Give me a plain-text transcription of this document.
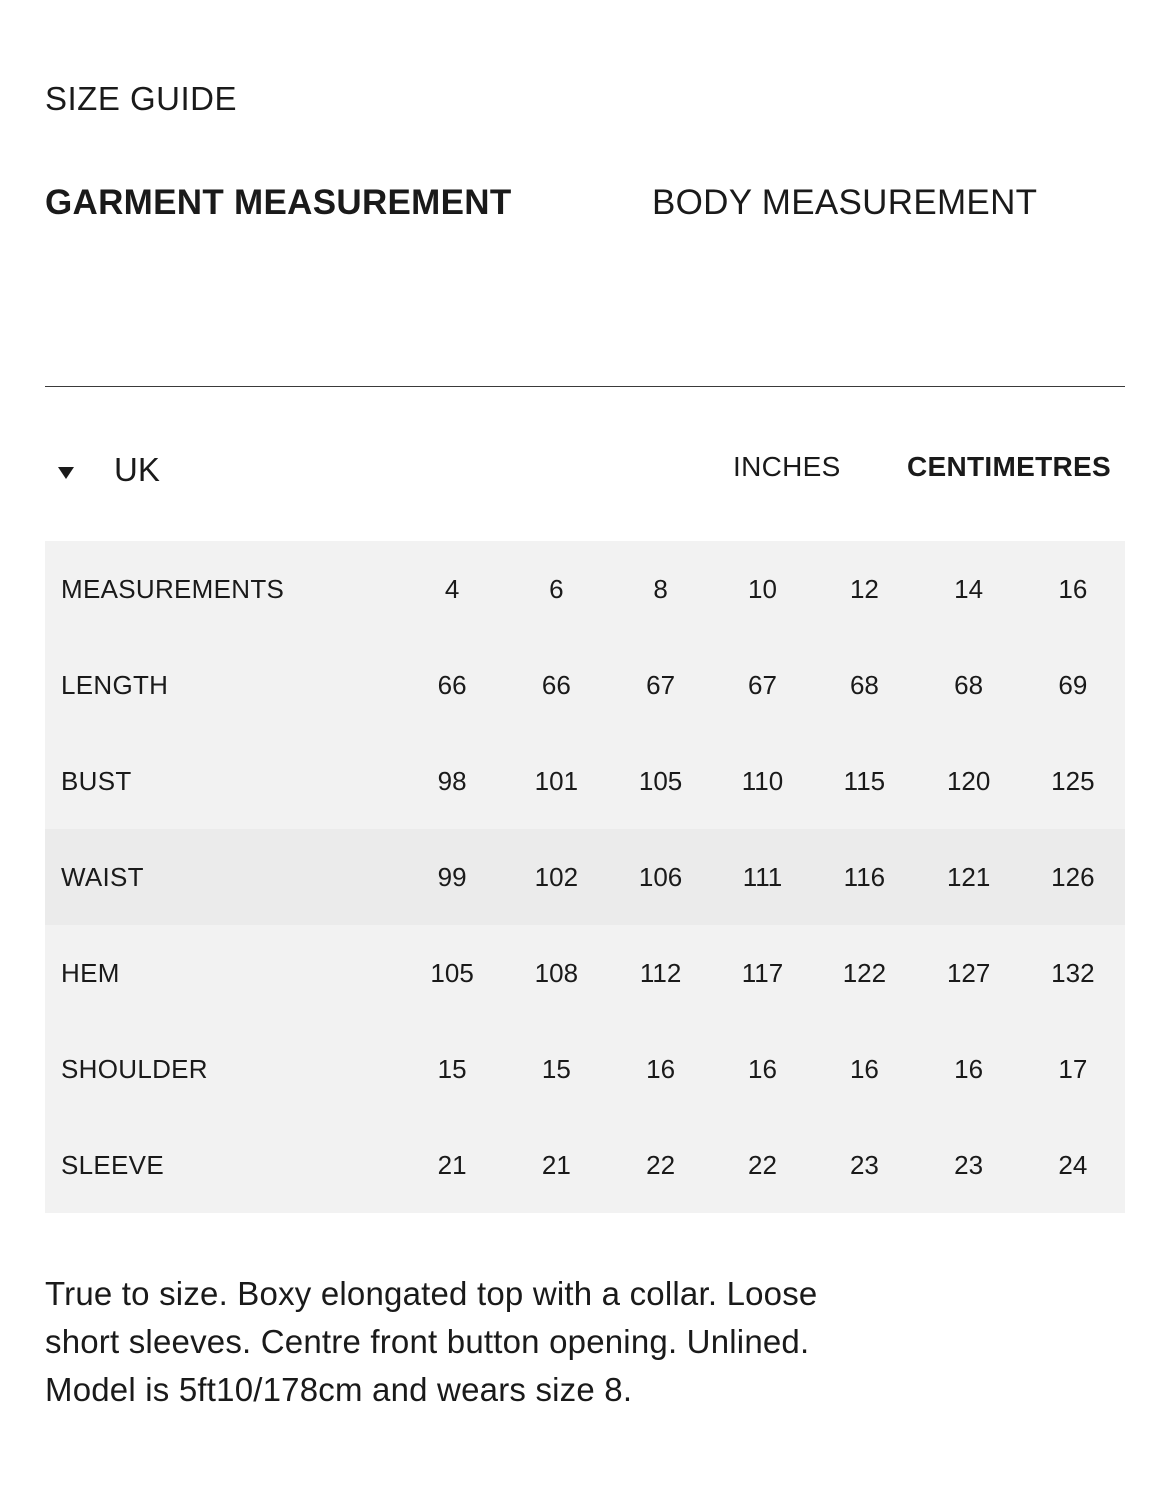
SIZE GUIDE
GARMENT MEASUREMENT	BODY MEASUREMENT
UK	INCHES CENTIMETRES
MEASUREMENTS	4	6	8	10	12	14	16
LENGTH	66	66	67	67	68	68	69
BUST	98	101	105	110	115	120	125
WAIST	99	102	106	111	116	121	126
HEM	105	108	112	117	122	127	132
SHOULDER	15	15	16	16	16	16	17
SLEEVE	21	21	22	22	23	23	24

True to size. Boxy elongated top with a collar. Loose
short sleeves. Centre front button opening. Unlined.
Model is 5ft10/178cm and wears size 8.
